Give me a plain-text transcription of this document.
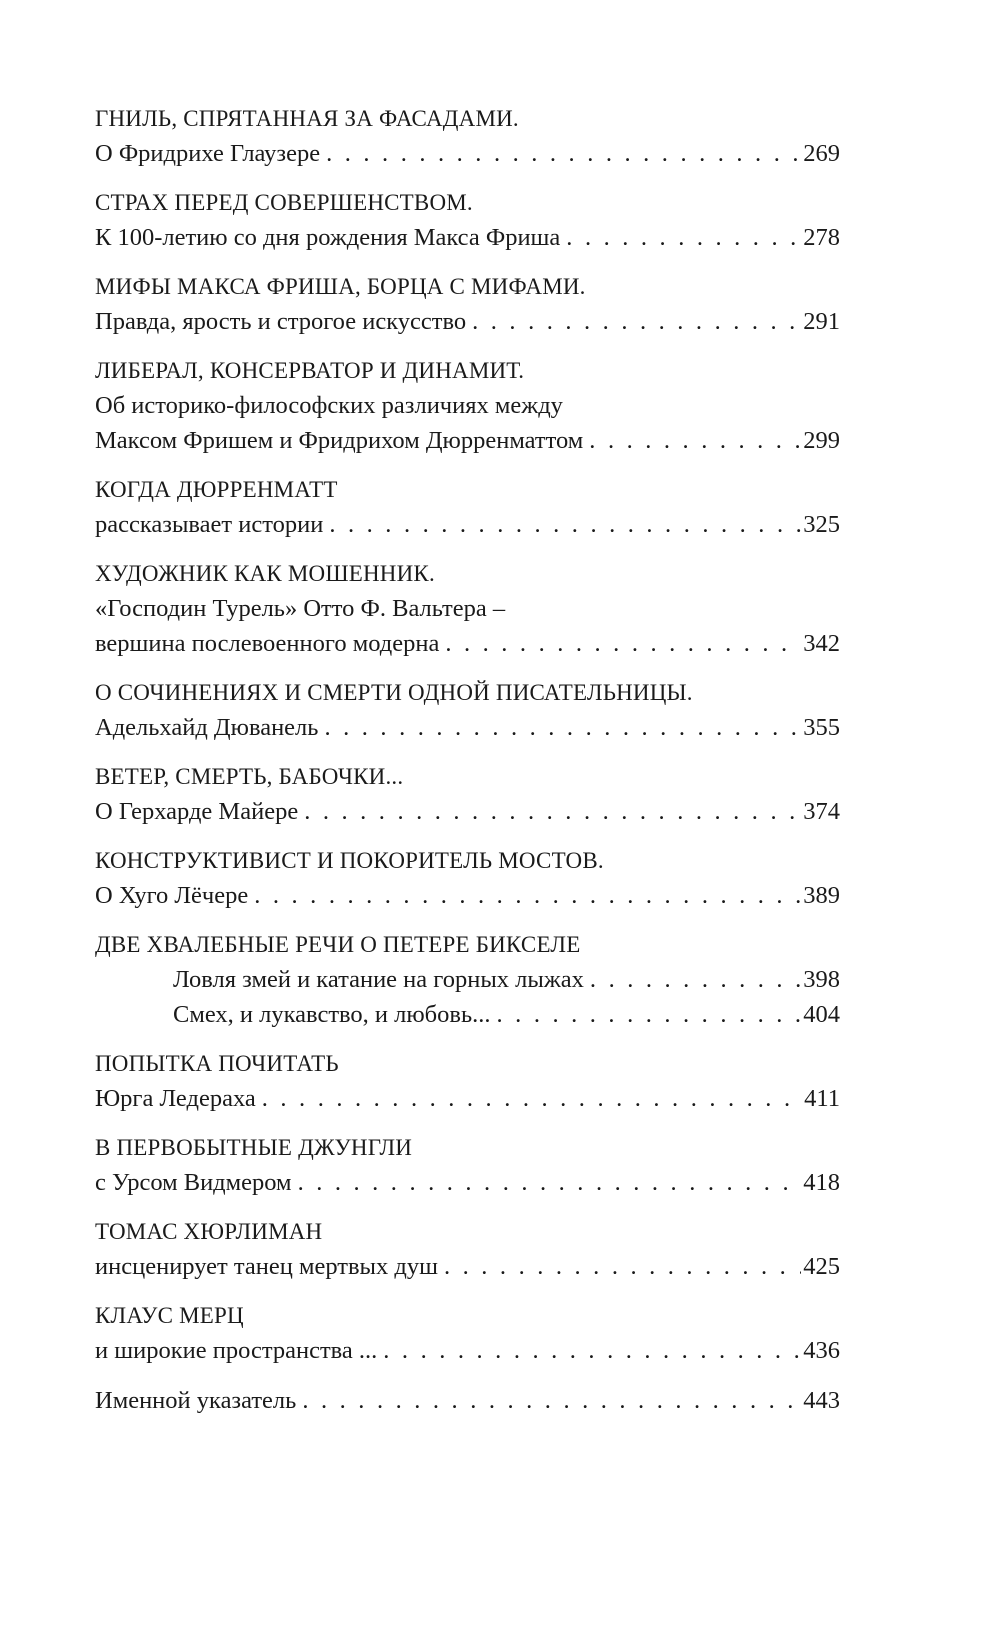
ГНИЛЬ, СПРЯТАННАЯ ЗА ФАСАДАМИ.
О Фридрихе Глаузере . . .	269
СТРАХ ПЕРЕД СОВЕРШЕНСТВОМ.
К 100-летию со дня рождения Макса Фриша . . .	278
МИФЫ МАКСА ФРИША, БОРЦА С МИФАМИ.
Правда, ярость и строгое искусство . . .	291
ЛИБЕРАЛ, КОНСЕРВАТОР И ДИНАМИТ.
Об историко-философских различиях между
Максом Фришем и Фридрихом Дюрренматтом . . .	299
КОГДА ДЮРРЕНМАТТ
рассказывает истории . . .	325
ХУДОЖНИК КАК МОШЕННИК.
«Господин Турель» Отто Ф. Вальтера –
вершина послевоенного модерна . . .	342
О СОЧИНЕНИЯХ И СМЕРТИ ОДНОЙ ПИСАТЕЛЬНИЦЫ.
Адельхайд Дюванель . . .	355
ВЕТЕР, СМЕРТЬ, БАБОЧКИ...
О Герхарде Майере . . .	374
КОНСТРУКТИВИСТ И ПОКОРИТЕЛЬ МОСТОВ.
О Хуго Лёчере . . .	389
ДВЕ ХВАЛЕБНЫЕ РЕЧИ О ПЕТЕРЕ БИКСЕЛЕ
Ловля змей и катание на горных лыжах . . .	398
Смех, и лукавство, и любовь... . . .	404
ПОПЫТКА ПОЧИТАТЬ
Юрга Ледераха . . .	411
В ПЕРВОБЫТНЫЕ ДЖУНГЛИ
с Урсом Видмером . . .	418
ТОМАС ХЮРЛИМАН
инсценирует танец мертвых душ . . .	425
КЛАУС МЕРЦ
и широкие пространства ... . . .	436
Именной указатель . . .	443
